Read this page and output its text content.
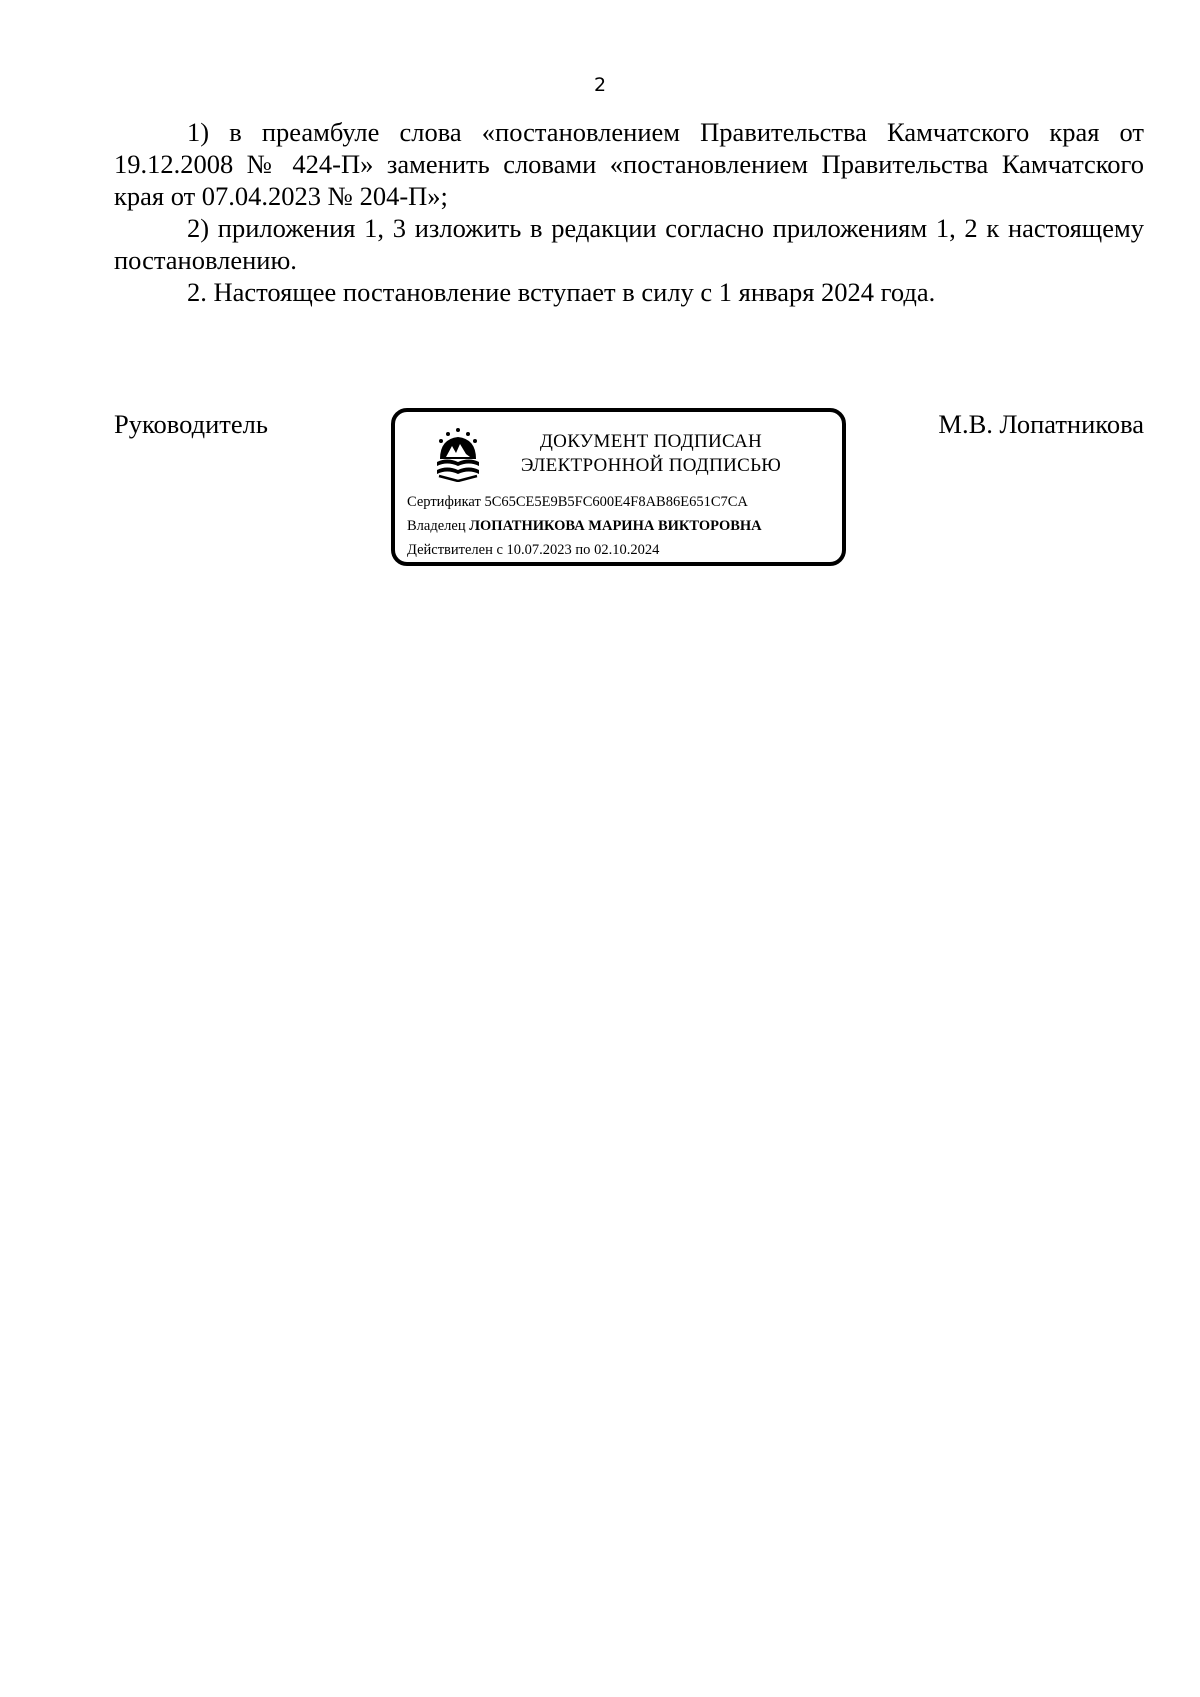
2

1) в преамбуле слова «постановлением Правительства Камчатского края от 19.12.2008 № 424-П» заменить словами «постановлением Правительства Камчатского края от 07.04.2023 № 204-П»;

2) приложения 1, 3 изложить в редакции согласно приложениям 1, 2 к настоящему постановлению.

2. Настоящее постановление вступает в силу с 1 января 2024 года.

Руководитель	М.В. Лопатникова
ДОКУМЕНТ ПОДПИСАН
ЭЛЕКТРОННОЙ ПОДПИСЬЮ
Сертификат 5C65CE5E9B5FC600E4F8AB86E651C7CA
Владелец ЛОПАТНИКОВА МАРИНА ВИКТОРОВНА
Действителен с 10.07.2023 по 02.10.2024
